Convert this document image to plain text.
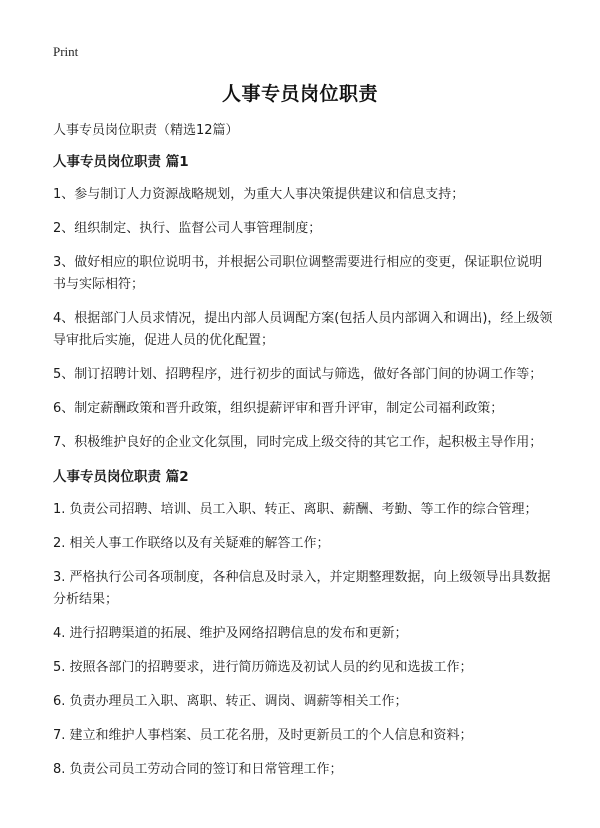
Print
人事专员岗位职责

人事专员岗位职责（精选12篇）

人事专员岗位职责 篇1

1、参与制订人力资源战略规划，为重大人事决策提供建议和信息支持；

2、组织制定、执行、监督公司人事管理制度；

3、做好相应的职位说明书，并根据公司职位调整需要进行相应的变更，保证职位说明书与实际相符；

4、根据部门人员求情况，提出内部人员调配方案(包括人员内部调入和调出)，经上级领导审批后实施，促进人员的优化配置；

5、制订招聘计划、招聘程序，进行初步的面试与筛选，做好各部门间的协调工作等；

6、制定薪酬政策和晋升政策，组织提薪评审和晋升评审，制定公司福利政策；

7、积极维护良好的企业文化氛围，同时完成上级交待的其它工作，起积极主导作用；

人事专员岗位职责 篇2

1. 负责公司招聘、培训、员工入职、转正、离职、薪酬、考勤、等工作的综合管理；

2. 相关人事工作联络以及有关疑难的解答工作；

3. 严格执行公司各项制度，各种信息及时录入，并定期整理数据，向上级领导出具数据分析结果；

4. 进行招聘渠道的拓展、维护及网络招聘信息的发布和更新；

5. 按照各部门的招聘要求，进行简历筛选及初试人员的约见和选拔工作；

6. 负责办理员工入职、离职、转正、调岗、调薪等相关工作；

7. 建立和维护人事档案、员工花名册，及时更新员工的个人信息和资料；

8. 负责公司员工劳动合同的签订和日常管理工作；
